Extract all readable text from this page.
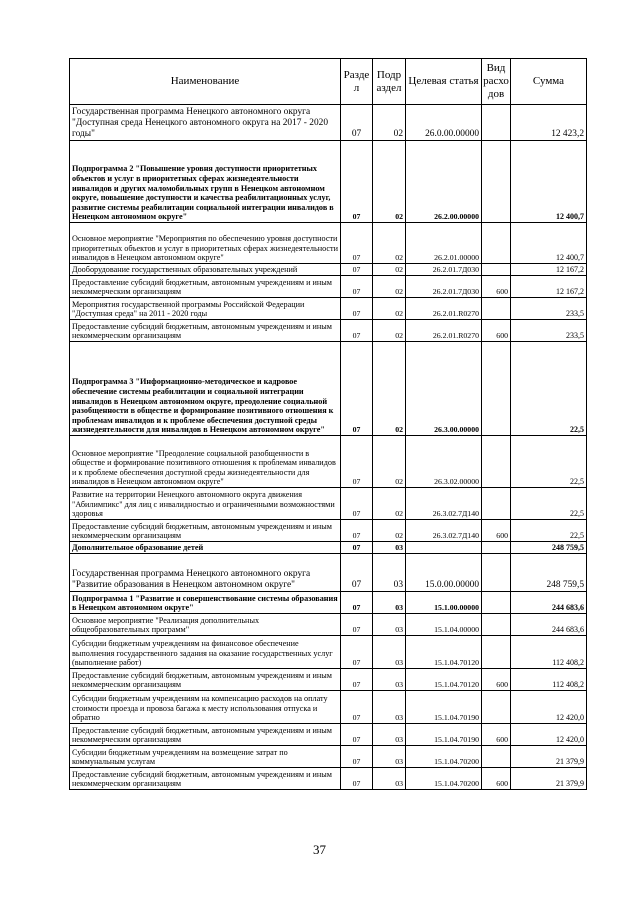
Наименование	Разде л	Подр аздел	Целевая статья	Вид расхо дов	Сумма
Государственная программа Ненецкого автономного округа "Доступная среда Ненецкого автономного округа на 2017 - 2020 годы"	07	02	26.0.00.00000		12 423,2
Подпрограмма 2 "Повышение уровня доступности приоритетных объектов и услуг в приоритетных сферах жизнедеятельности инвалидов и других маломобильных групп в Ненецком автономном округе, повышение доступности и качества реабилитационных услуг, развитие системы реабилитации социальной интеграции инвалидов в Ненецком автономном округе"	07	02	26.2.00.00000		12 400,7
Основное мероприятие "Мероприятия по обеспечению уровня доступности приоритетных объектов и услуг в приоритетных сферах жизнедеятельности инвалидов в Ненецком автономном округе"	07	02	26.2.01.00000		12 400,7
Дооборудование государственных образовательных учреждений	07	02	26.2.01.7Д030		12 167,2
Предоставление субсидий бюджетным, автономным учреждениям и иным некоммерческим организациям	07	02	26.2.01.7Д030	600	12 167,2
Мероприятия государственной программы Российской Федерации "Доступная среда" на 2011 - 2020 годы	07	02	26.2.01.R0270		233,5
Предоставление субсидий бюджетным, автономным учреждениям и иным некоммерческим организациям	07	02	26.2.01.R0270	600	233,5
Подпрограмма 3 "Информационно-методическое и кадровое обеспечение системы реабилитации и социальной интеграции инвалидов в Ненецком автономном округе, преодоление социальной разобщенности в обществе и формирование позитивного отношения к проблемам инвалидов и к проблеме обеспечения доступной среды жизнедеятельности для инвалидов в Ненецком автономном округе"	07	02	26.3.00.00000		22,5
Основное мероприятие "Преодоление социальной разобщенности в обществе и формирование позитивного отношения к проблемам инвалидов и к проблеме обеспечения доступной среды жизнедеятельности для инвалидов в Ненецком автономном округе"	07	02	26.3.02.00000		22,5
Развитие на территории Ненецкого автономного округа движения "Абилимпикс" для лиц с инвалидностью и ограниченными возможностями здоровья	07	02	26.3.02.7Д140		22,5
Предоставление субсидий бюджетным, автономным учреждениям и иным некоммерческим организациям	07	02	26.3.02.7Д140	600	22,5
Дополнительное образование детей	07	03			248 759,5
Государственная программа Ненецкого автономного округа "Развитие образования в Ненецком автономном округе"	07	03	15.0.00.00000		248 759,5
Подпрограмма 1 "Развитие и совершенствование системы образования в Ненецком автономном округе"	07	03	15.1.00.00000		244 683,6
Основное мероприятие "Реализация дополнительных общеобразовательных программ"	07	03	15.1.04.00000		244 683,6
Субсидии бюджетным учреждениям на финансовое обеспечение выполнения государственного задания на оказание государственных услуг (выполнение работ)	07	03	15.1.04.70120		112 408,2
Предоставление субсидий бюджетным, автономным учреждениям и иным некоммерческим организациям	07	03	15.1.04.70120	600	112 408,2
Субсидии бюджетным учреждениям на компенсацию расходов на оплату стоимости проезда и провоза багажа к месту использования отпуска и обратно	07	03	15.1.04.70190		12 420,0
Предоставление субсидий бюджетным, автономным учреждениям и иным некоммерческим организациям	07	03	15.1.04.70190	600	12 420,0
Субсидии бюджетным учреждениям на возмещение затрат по коммунальным услугам	07	03	15.1.04.70200		21 379,9
Предоставление субсидий бюджетным, автономным учреждениям и иным некоммерческим организациям	07	03	15.1.04.70200	600	21 379,9
37
